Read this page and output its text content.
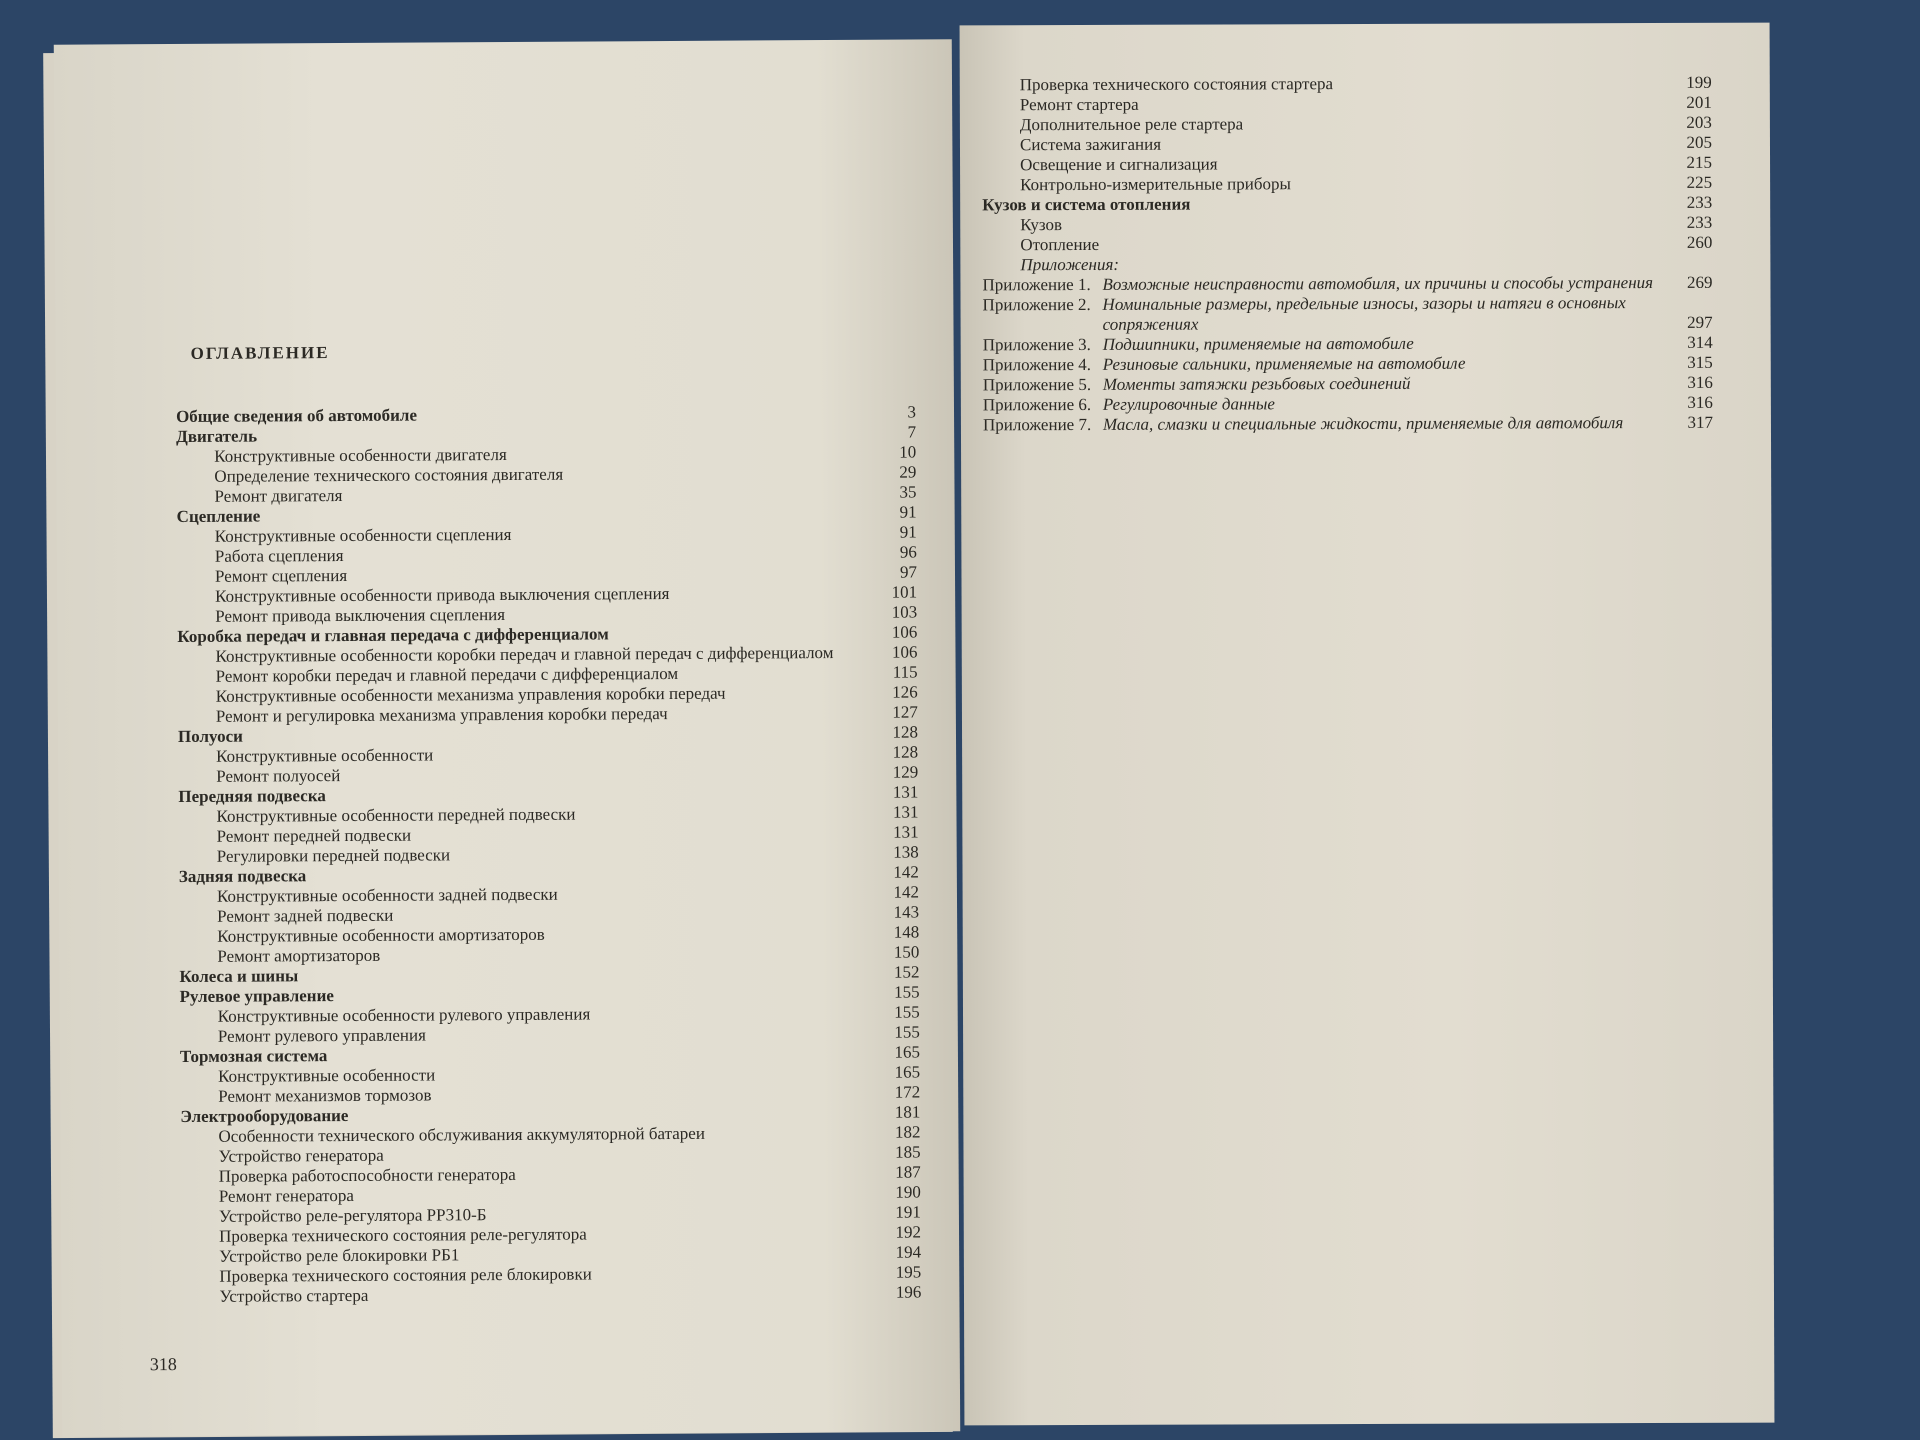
ОГЛАВЛЕНИЕ
Общие сведения об автомобиле	3
Двигатель	7
Конструктивные особенности двигателя	10
Определение технического состояния двигателя	29
Ремонт двигателя	35
Сцепление	91
Конструктивные особенности сцепления	91
Работа сцепления	96
Ремонт сцепления	97
Конструктивные особенности привода выключения сцепления	101
Ремонт привода выключения сцепления	103
Коробка передач и главная передача с дифференциалом	106
Конструктивные особенности коробки передач и главной передач с дифференциалом	106
Ремонт коробки передач и главной передачи с дифференциалом	115
Конструктивные особенности механизма управления коробки передач	126
Ремонт и регулировка механизма управления коробки передач	127
Полуоси	128
Конструктивные особенности	128
Ремонт полуосей	129
Передняя подвеска	131
Конструктивные особенности передней подвески	131
Ремонт передней подвески	131
Регулировки передней подвески	138
Задняя подвеска	142
Конструктивные особенности задней подвески	142
Ремонт задней подвески	143
Конструктивные особенности амортизаторов	148
Ремонт амортизаторов	150
Колеса и шины	152
Рулевое управление	155
Конструктивные особенности рулевого управления	155
Ремонт рулевого управления	155
Тормозная система	165
Конструктивные особенности	165
Ремонт механизмов тормозов	172
Электрооборудование	181
Особенности технического обслуживания аккумуляторной батареи	182
Устройство генератора	185
Проверка работоспособности генератора	187
Ремонт генератора	190
Устройство реле-регулятора РР310-Б	191
Проверка технического состояния реле-регулятора	192
Устройство реле блокировки РБ1	194
Проверка технического состояния реле блокировки	195
Устройство стартера	196
318
Проверка технического состояния стартера	199
Ремонт стартера	201
Дополнительное реле стартера	203
Система зажигания	205
Освещение и сигнализация	215
Контрольно-измерительные приборы	225
Кузов и система отопления	233
Кузов	233
Отопление	260
Приложения:
Приложение 1. Возможные неисправности автомобиля, их причины и способы устранения	269
Приложение 2. Номинальные размеры, предельные износы, зазоры и натяги в основных сопряжениях	297
Приложение 3. Подшипники, применяемые на автомобиле	314
Приложение 4. Резиновые сальники, применяемые на автомобиле	315
Приложение 5. Моменты затяжки резьбовых соединений	316
Приложение 6. Регулировочные данные	316
Приложение 7. Масла, смазки и специальные жидкости, применяемые для автомобиля	317
